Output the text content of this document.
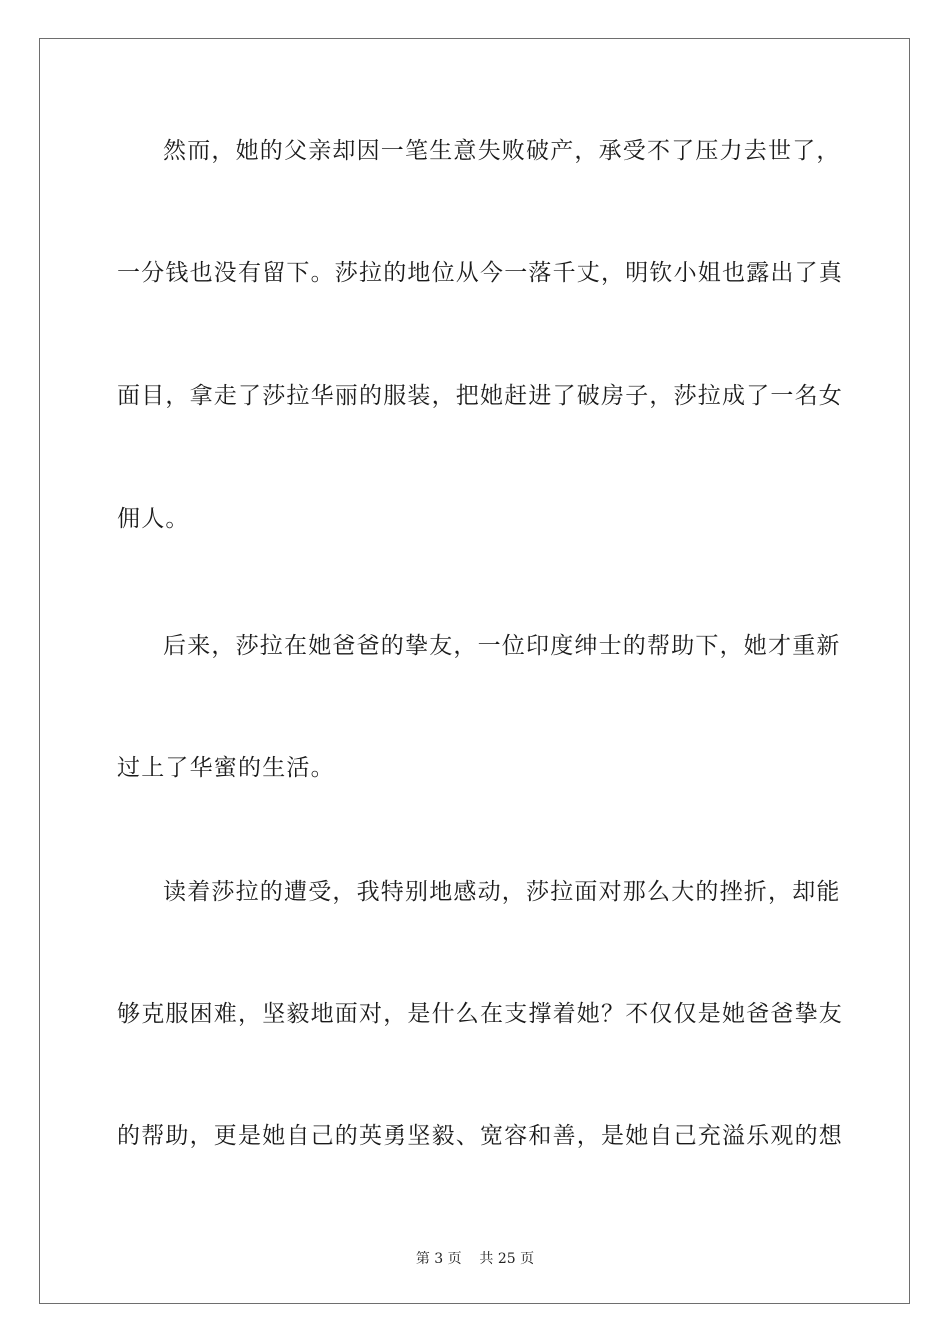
然而，她的父亲却因一笔生意失败破产，承受不了压力去世了，
一分钱也没有留下。莎拉的地位从今一落千丈，明钦小姐也露出了真
面目，拿走了莎拉华丽的服装，把她赶进了破房子，莎拉成了一名女
佣人。
后来，莎拉在她爸爸的挚友，一位印度绅士的帮助下，她才重新
过上了华蜜的生活。
读着莎拉的遭受，我特别地感动，莎拉面对那么大的挫折，却能
够克服困难，坚毅地面对，是什么在支撑着她？不仅仅是她爸爸挚友
的帮助，更是她自己的英勇坚毅、宽容和善，是她自己充溢乐观的想
第 3 页    共 25 页
